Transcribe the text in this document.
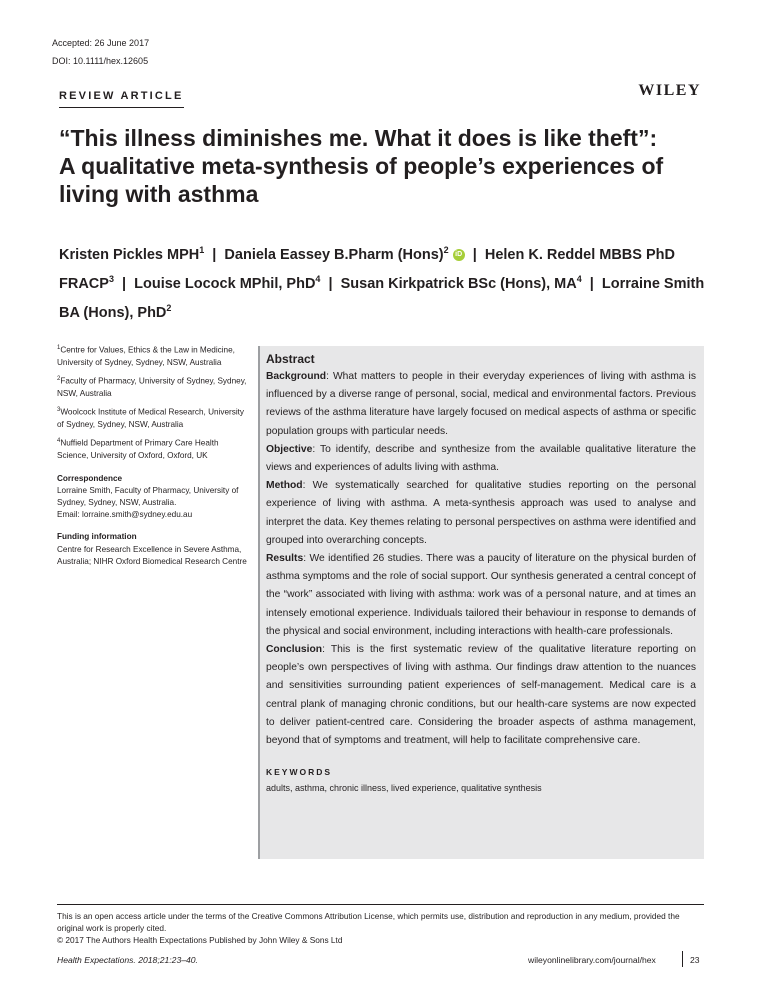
Accepted: 26 June 2017
DOI: 10.1111/hex.12605
REVIEW ARTICLE	WILEY
“This illness diminishes me. What it does is like theft”:
A qualitative meta-synthesis of people’s experiences of
living with asthma
Kristen Pickles MPH$^1$  |  Daniela Eassey B.Pharm (Hons)$^2$ iD  |  Helen K. Reddel MBBS PhD FRACP$^3$  |  Louise Locock MPhil, PhD$^4$  |  Susan Kirkpatrick BSc (Hons), $MA^4$  |  Lorraine Smith BA (Hons), PhD$^2$
$^1$Centre for Values, Ethics & the Law in Medicine, University of Sydney, Sydney, NSW, Australia
$^2$Faculty of Pharmacy, University of Sydney, Sydney, NSW, Australia
$^3$Woolcock Institute of Medical Research, University of Sydney, Sydney, NSW, Australia
$^4$Nuffield Department of Primary Care Health Science, University of Oxford, Oxford, UK
Correspondence
Lorraine Smith, Faculty of Pharmacy, University of Sydney, Sydney, NSW, Australia.
Email: lorraine.smith@sydney.edu.au
Funding information
Centre for Research Excellence in Severe Asthma, Australia; NIHR Oxford Biomedical Research Centre
Abstract

Background: What matters to people in their everyday experiences of living with asthma is influenced by a diverse range of personal, social, medical and environmental factors. Previous reviews of the asthma literature have largely focused on medical aspects of asthma or specific population groups with particular needs.

Objective: To identify, describe and synthesize from the available qualitative literature the views and experiences of adults living with asthma.

Method: We systematically searched for qualitative studies reporting on the personal experience of living with asthma. A meta-synthesis approach was used to analyse and interpret the data. Key themes relating to personal perspectives on asthma were identified and grouped into overarching concepts.

Results: We identified 26 studies. There was a paucity of literature on the physical burden of asthma symptoms and the role of social support. Our synthesis generated a central concept of the “work” associated with living with asthma: work was of a personal nature, and at times an intensely emotional experience. Individuals tailored their behaviour in response to demands of the physical and social environment, including interactions with health-care professionals.

Conclusion: This is the first systematic review of the qualitative literature reporting on people’s own perspectives of living with asthma. Our findings draw attention to the nuances and sensitivities surrounding patient experiences of self-management. Medical care is a central plank of managing chronic conditions, but our health-care systems are now expected to deliver patient-centred care. Considering the broader aspects of asthma management, beyond that of symptoms and treatment, will help to facilitate comprehensive care.

KEYWORDS
adults, asthma, chronic illness, lived experience, qualitative synthesis
This is an open access article under the terms of the Creative Commons Attribution License, which permits use, distribution and reproduction in any medium, provided the original work is properly cited.
© 2017 The Authors Health Expectations Published by John Wiley & Sons Ltd
Health Expectations. 2018;21:23–40.	wileyonlinelibrary.com/journal/hex	23
